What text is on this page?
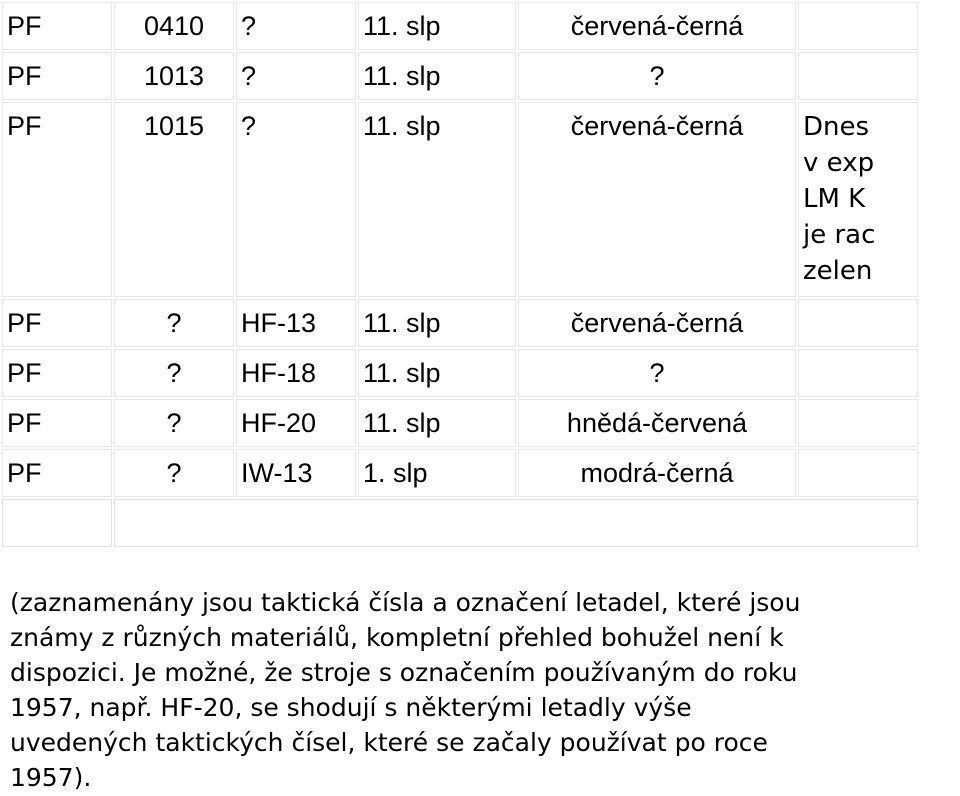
PF	0410	?	11. slp	červená-černá	
PF	1013	?	11. slp	?	
PF	1015	?	11. slp	červená-černá	Dnes
v exp
LM K
je rac
zelen

PF	?	HF-13	11. slp	červená-černá	
PF	?	HF-18	11. slp	?	
PF	?	HF-20	11. slp	hnědá-červená	
PF	?	IW-13	1. slp	modrá-černá	

(zaznamenány jsou taktická čísla a označení letadel, které jsou známy z různých materiálů, kompletní přehled bohužel není k dispozici. Je možné, že stroje s označením používaným do roku 1957, např. HF-20, se shodují s některými letadly výše uvedených taktických čísel, které se začaly používat po roce 1957).
